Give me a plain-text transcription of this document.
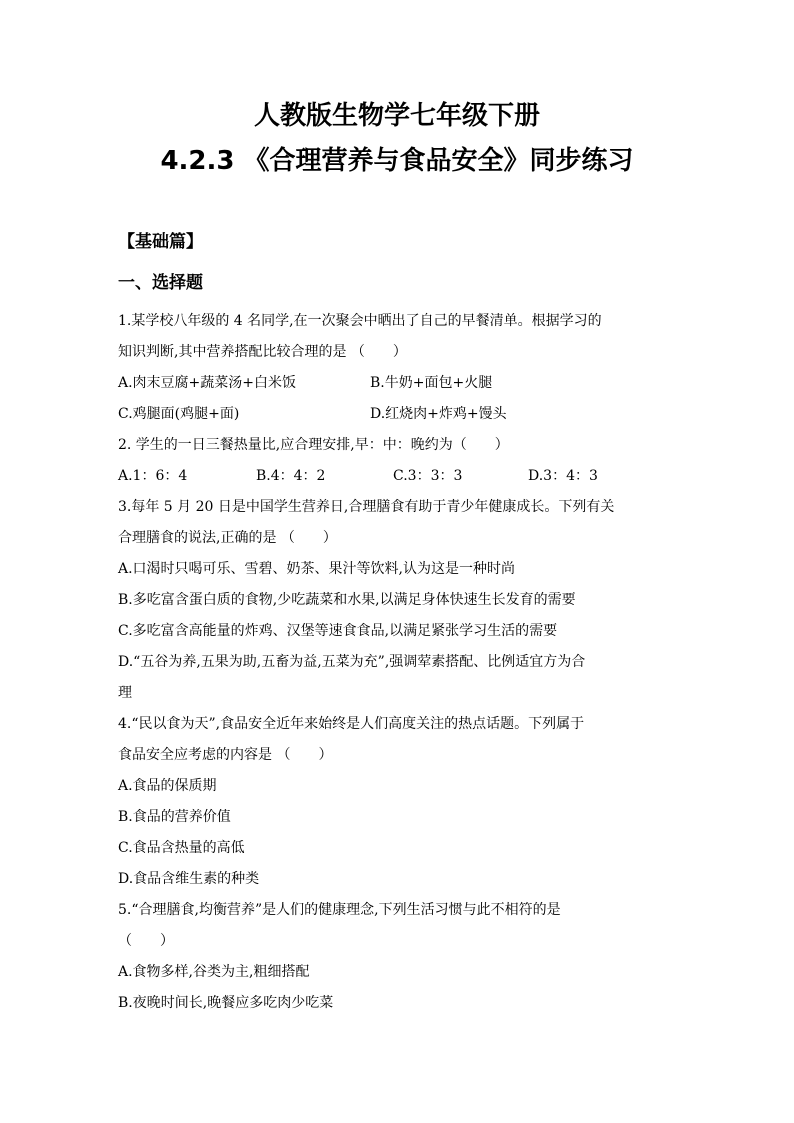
人教版生物学七年级下册
4.2.3 《合理营养与食品安全》同步练习
【基础篇】
一、选择题
1.某学校八年级的 4 名同学,在一次聚会中晒出了自己的早餐清单。根据学习的
知识判断,其中营养搭配比较合理的是 （　　）
A.肉末豆腐+蔬菜汤+白米饭	B.牛奶+面包+火腿
C.鸡腿面(鸡腿+面)	D.红烧肉+炸鸡+馒头
2. 学生的一日三餐热量比,应合理安排,早：中：晚约为（　　）
A.1：6：4	B.4：4：2	C.3：3：3	D.3：4：3
3.每年 5 月 20 日是中国学生营养日,合理膳食有助于青少年健康成长。下列有关
合理膳食的说法,正确的是 （　　）
A.口渴时只喝可乐、雪碧、奶茶、果汁等饮料,认为这是一种时尚
B.多吃富含蛋白质的食物,少吃蔬菜和水果,以满足身体快速生长发育的需要
C.多吃富含高能量的炸鸡、汉堡等速食食品,以满足紧张学习生活的需要
D.“五谷为养,五果为助,五畜为益,五菜为充”,强调荤素搭配、比例适宜方为合
理
4.“民以食为天”,食品安全近年来始终是人们高度关注的热点话题。下列属于
食品安全应考虑的内容是 （　　）
A.食品的保质期
B.食品的营养价值
C.食品含热量的高低
D.食品含维生素的种类
5.“合理膳食,均衡营养”是人们的健康理念,下列生活习惯与此不相符的是
（　　）
A.食物多样,谷类为主,粗细搭配
B.夜晚时间长,晚餐应多吃肉少吃菜
